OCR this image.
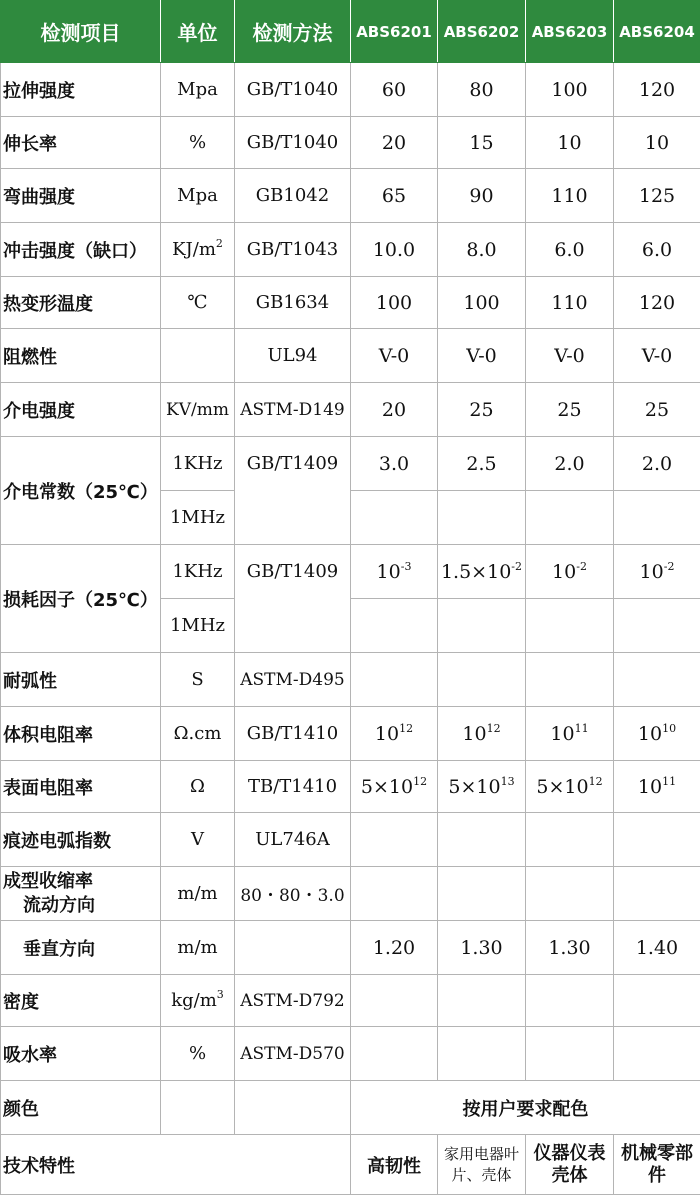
检测项目	单位	检测方法	ABS6201	ABS6202	ABS6203	ABS6204
拉伸强度	Mpa	GB/T1040	60	80	100	120
伸长率	%	GB/T1040	20	15	10	10
弯曲强度	Mpa	GB1042	65	90	110	125
冲击强度（缺口）	$KJ/m^2$	GB/T1043	10.0	8.0	6.0	6.0
热变形温度	℃	GB1634	100	100	110	120
阻燃性		UL94	V-0	V-0	V-0	V-0
介电强度	KV/mm	ASTM-D149	20	25	25	25
介电常数（25℃）	1KHz	GB/T1409	3.0	2.5	2.0	2.0
	1MHz					
损耗因子（25℃）	1KHz	GB/T1409	$10^{-3}$	$1.5\times 10^{-2}$	$10^{-2}$	$10^{-2}$
	1MHz					
耐弧性	S	ASTM-D495				
体积电阻率	Ω.cm	GB/T1410	$10^{12}$	$10^{12}$	$10^{11}$	$10^{10}$
表面电阻率	Ω	TB/T1410	$5\times 10^{12}$	$5\times 10^{13}$	$5\times 10^{12}$	$10^{11}$
痕迹电弧指数	V	UL746A				
成型收缩率
流动方向	m/m	80・80・3.0				
垂直方向	m/m		1.20	1.30	1.30	1.40
密度	$kg/m^3$	ASTM-D792				
吸水率	%	ASTM-D570				
颜色			按用户要求配色			
技术特性			高韧性	家用电器叶片、壳体	仪器仪表壳体	机械零部件
